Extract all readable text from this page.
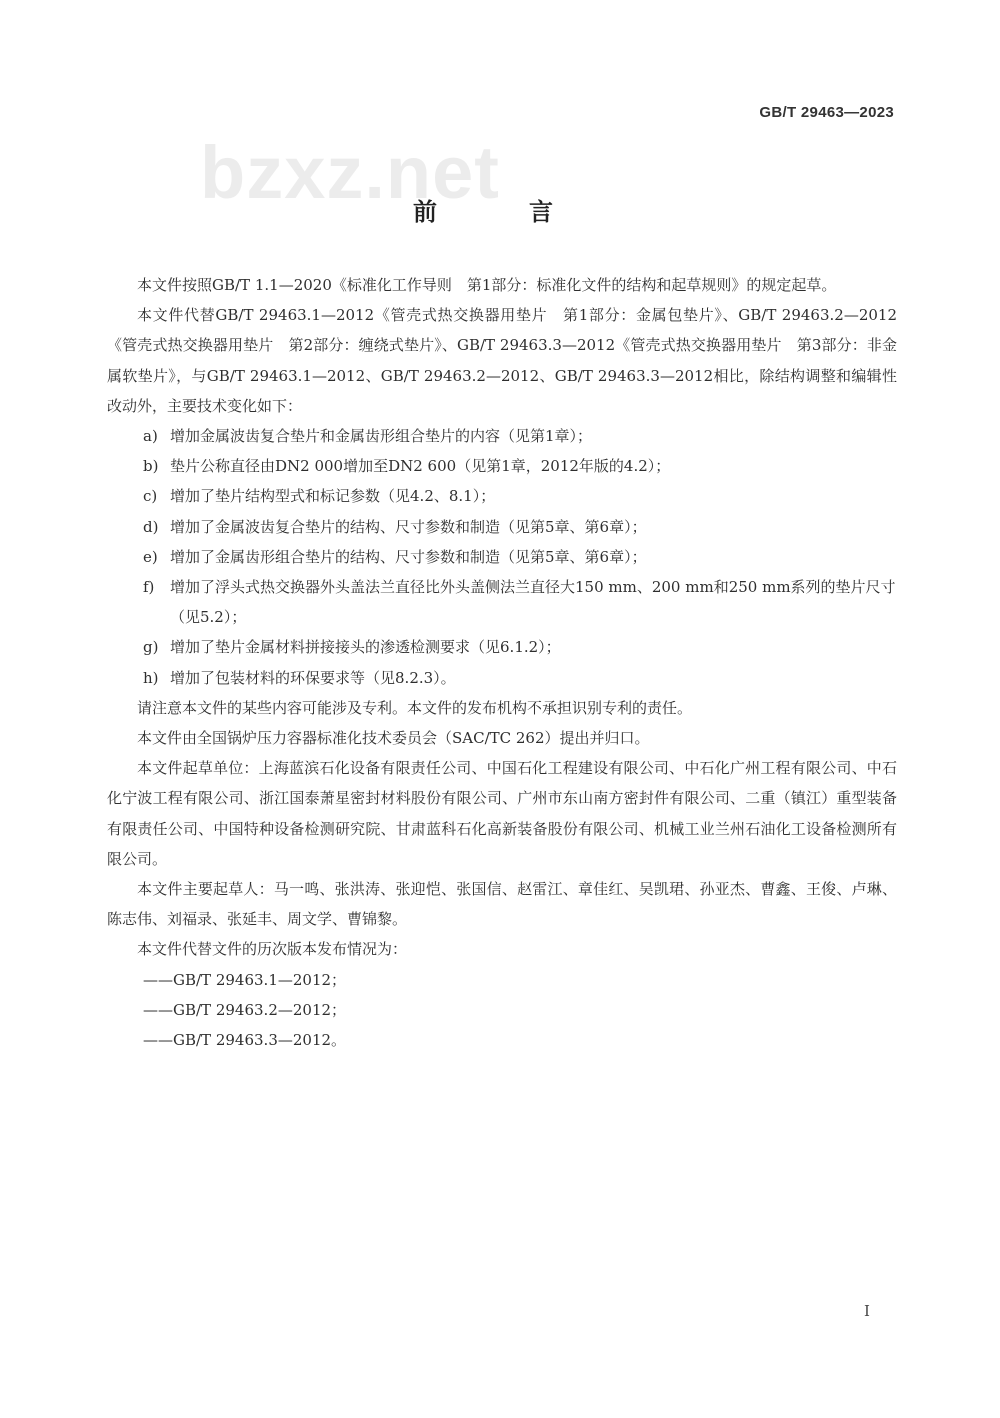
GB/T 29463—2023
bzxz.net
前　言

本文件按照GB/T 1.1—2020《标准化工作导则　第1部分：标准化文件的结构和起草规则》的规定起草。

本文件代替GB/T 29463.1—2012《管壳式热交换器用垫片　第1部分：金属包垫片》、GB/T 29463.2—2012《管壳式热交换器用垫片　第2部分：缠绕式垫片》、GB/T 29463.3—2012《管壳式热交换器用垫片　第3部分：非金属软垫片》，与GB/T 29463.1—2012、GB/T 29463.2—2012、GB/T 29463.3—2012相比，除结构调整和编辑性改动外，主要技术变化如下：

a) 增加金属波齿复合垫片和金属齿形组合垫片的内容（见第1章）；

b) 垫片公称直径由DN2 000增加至DN2 600（见第1章，2012年版的4.2）；

c) 增加了垫片结构型式和标记参数（见4.2、8.1）；

d) 增加了金属波齿复合垫片的结构、尺寸参数和制造（见第5章、第6章）；

e) 增加了金属齿形组合垫片的结构、尺寸参数和制造（见第5章、第6章）；

f) 增加了浮头式热交换器外头盖法兰直径比外头盖侧法兰直径大150 mm、200 mm和250 mm系列的垫片尺寸（见5.2）；

g) 增加了垫片金属材料拼接接头的渗透检测要求（见6.1.2）；

h) 增加了包装材料的环保要求等（见8.2.3）。

请注意本文件的某些内容可能涉及专利。本文件的发布机构不承担识别专利的责任。

本文件由全国锅炉压力容器标准化技术委员会（SAC/TC 262）提出并归口。

本文件起草单位：上海蓝滨石化设备有限责任公司、中国石化工程建设有限公司、中石化广州工程有限公司、中石化宁波工程有限公司、浙江国泰萧星密封材料股份有限公司、广州市东山南方密封件有限公司、二重（镇江）重型装备有限责任公司、中国特种设备检测研究院、甘肃蓝科石化高新装备股份有限公司、机械工业兰州石油化工设备检测所有限公司。

本文件主要起草人：马一鸣、张洪涛、张迎恺、张国信、赵雷江、章佳红、吴凯珺、孙亚杰、曹鑫、王俊、卢琳、陈志伟、刘福录、张延丰、周文学、曹锦黎。

本文件代替文件的历次版本发布情况为：

——GB/T 29463.1—2012；

——GB/T 29463.2—2012；

——GB/T 29463.3—2012。

I
